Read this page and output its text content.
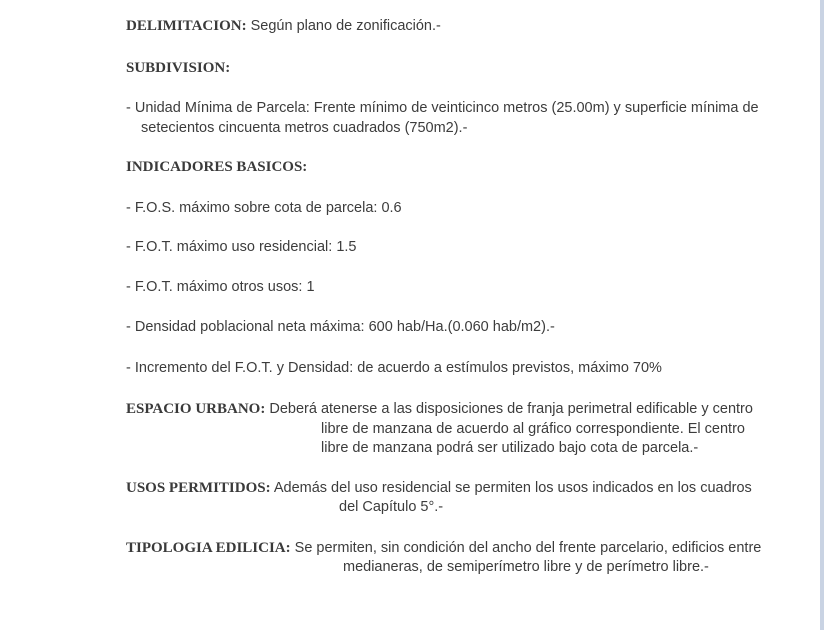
DELIMITACION: Según plano de zonificación.-
SUBDIVISION:
- Unidad Mínima de Parcela: Frente mínimo de veinticinco metros (25.00m) y superficie mínima de
setecientos cincuenta metros cuadrados (750m2).-
INDICADORES BASICOS:
- F.O.S. máximo sobre cota de parcela: 0.6
- F.O.T. máximo uso residencial: 1.5
- F.O.T. máximo otros usos: 1
- Densidad poblacional neta máxima: 600 hab/Ha.(0.060 hab/m2).-
- Incremento del F.O.T. y Densidad: de acuerdo a estímulos previstos, máximo 70%
ESPACIO URBANO: Deberá atenerse a las disposiciones de franja perimetral edificable y centro
libre de manzana de acuerdo al gráfico correspondiente. El centro
libre de manzana podrá ser utilizado bajo cota de parcela.-
USOS PERMITIDOS: Además del uso residencial se permiten los usos indicados en los cuadros
del Capítulo 5°.-
TIPOLOGIA EDILICIA: Se permiten, sin condición del ancho del frente parcelario, edificios entre
medianeras, de semiperímetro libre y de perímetro libre.-
